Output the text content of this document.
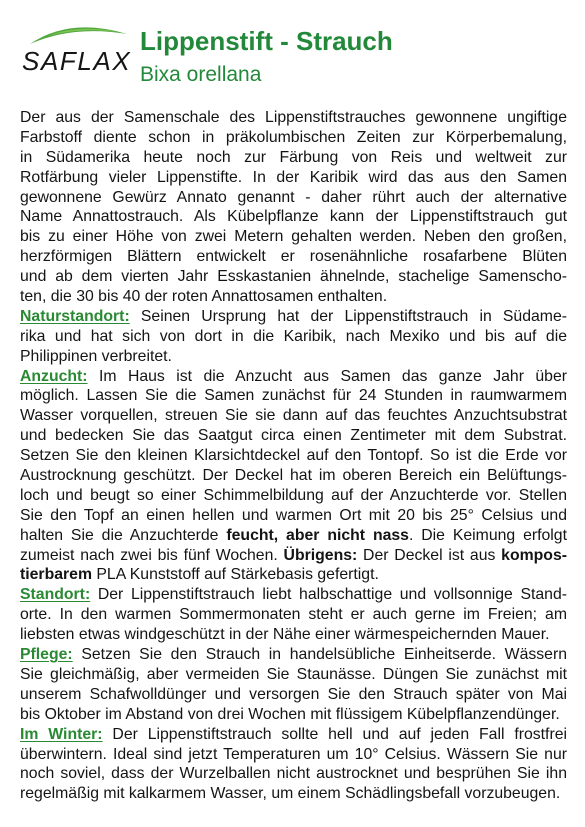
SAFLAX
Lippenstift - Strauch
Bixa orellana
Der aus der Samenschale des Lippenstiftstrauches gewonnene ungiftige
Farbstoff diente schon in präkolumbischen Zeiten zur Körperbemalung,
in Südamerika heute noch zur Färbung von Reis und weltweit zur
Rotfärbung vieler Lippenstifte. In der Karibik wird das aus den Samen
gewonnene Gewürz Annato genannt - daher rührt auch der alternative
Name Annattostrauch. Als Kübelpflanze kann der Lippenstiftstrauch gut
bis zu einer Höhe von zwei Metern gehalten werden. Neben den großen,
herzförmigen Blättern entwickelt er rosenähnliche rosafarbene Blüten
und ab dem vierten Jahr Esskastanien ähnelnde, stachelige Samenscho-
ten, die 30 bis 40 der roten Annattosamen enthalten.
Naturstandort: Seinen Ursprung hat der Lippenstiftstrauch in Südame-
rika und hat sich von dort in die Karibik, nach Mexiko und bis auf die
Philippinen verbreitet.
Anzucht: Im Haus ist die Anzucht aus Samen das ganze Jahr über
möglich. Lassen Sie die Samen zunächst für 24 Stunden in raumwarmem
Wasser vorquellen, streuen Sie sie dann auf das feuchtes Anzuchtsubstrat
und bedecken Sie das Saatgut circa einen Zentimeter mit dem Substrat.
Setzen Sie den kleinen Klarsichtdeckel auf den Tontopf. So ist die Erde vor
Austrocknung geschützt. Der Deckel hat im oberen Bereich ein Belüftungs-
loch und beugt so einer Schimmelbildung auf der Anzuchterde vor. Stellen
Sie den Topf an einen hellen und warmen Ort mit 20 bis 25° Celsius und
halten Sie die Anzuchterde feucht, aber nicht nass. Die Keimung erfolgt
zumeist nach zwei bis fünf Wochen. Übrigens: Der Deckel ist aus kompos-
tierbarem PLA Kunststoff auf Stärkebasis gefertigt.
Standort: Der Lippenstiftstrauch liebt halbschattige und vollsonnige Stand-
orte. In den warmen Sommermonaten steht er auch gerne im Freien; am
liebsten etwas windgeschützt in der Nähe einer wärmespeichernden Mauer.
Pflege: Setzen Sie den Strauch in handelsübliche Einheitserde. Wässern
Sie gleichmäßig, aber vermeiden Sie Staunässe. Düngen Sie zunächst mit
unserem Schafwolldünger und versorgen Sie den Strauch später von Mai
bis Oktober im Abstand von drei Wochen mit flüssigem Kübelpflanzendünger.
Im Winter: Der Lippenstiftstrauch sollte hell und auf jeden Fall frostfrei
überwintern. Ideal sind jetzt Temperaturen um 10° Celsius. Wässern Sie nur
noch soviel, dass der Wurzelballen nicht austrocknet und besprühen Sie ihn
regelmäßig mit kalkarmem Wasser, um einem Schädlingsbefall vorzubeugen.
